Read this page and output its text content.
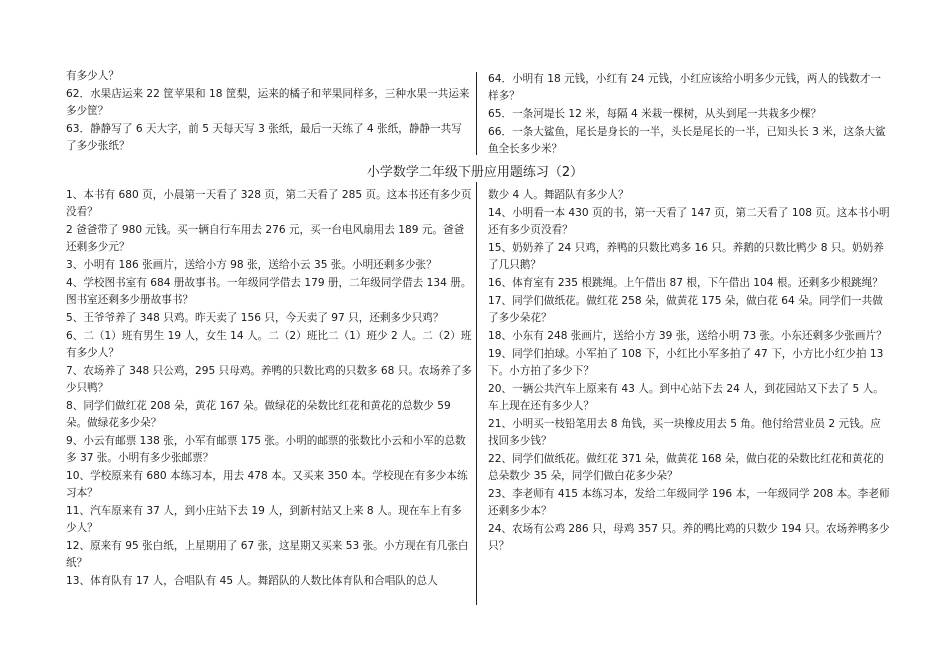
有多少人？

62．水果店运来 22 筐苹果和 18 筐梨，运来的橘子和苹果同样多，三种水果一共运来多少筐？

63．静静写了 6 天大字，前 5 天每天写 3 张纸，最后一天练了 4 张纸，静静一共写了多少张纸？

64．小明有 18 元钱，小红有 24 元钱，小红应该给小明多少元钱，两人的钱数才一样多？

65．一条河堤长 12 米，每隔 4 米栽一棵树，从头到尾一共栽多少棵？

66．一条大鲨鱼，尾长是身长的一半，头长是尾长的一半，已知头长 3 米，这条大鲨鱼全长多少米？

小学数学二年级下册应用题练习（2）

1、本书有 680 页，小晨第一天看了 328 页，第二天看了 285 页。这本书还有多少页没看？

2 爸爸带了 980 元钱。买一辆自行车用去 276 元，买一台电风扇用去 189 元。爸爸还剩多少元？

3、小明有 186 张画片，送给小方 98 张，送给小云 35 张。小明还剩多少张？

4、学校图书室有 684 册故事书。一年级同学借去 179 册，二年级同学借去 134 册。图书室还剩多少册故事书？

5、王爷爷养了 348 只鸡。昨天卖了 156 只，今天卖了 97 只，还剩多少只鸡？

6、二（1）班有男生 19 人，女生 14 人。二（2）班比二（1）班少 2 人。二（2）班有多少人？

7、农场养了 348 只公鸡，295 只母鸡。养鸭的只数比鸡的只数多 68 只。农场养了多少只鸭？

8、同学们做红花 208 朵，黄花 167 朵。做绿花的朵数比红花和黄花的总数少 59 朵。做绿花多少朵？

9、小云有邮票 138 张，小军有邮票 175 张。小明的邮票的张数比小云和小军的总数多 37 张。小明有多少张邮票？

10、学校原来有 680 本练习本，用去 478 本。又买来 350 本。学校现在有多少本练习本？

11、汽车原来有 37 人，到小庄站下去 19 人，到新村站又上来 8 人。现在车上有多少人？

12、原来有 95 张白纸，上星期用了 67 张，这星期又买来 53 张。小方现在有几张白纸？

13、体育队有 17 人，合唱队有 45 人。舞蹈队的人数比体育队和合唱队的总人

数少 4 人。舞蹈队有多少人？

14、小明看一本 430 页的书，第一天看了 147 页，第二天看了 108 页。这本书小明还有多少页没看？

15、奶奶养了 24 只鸡，养鸭的只数比鸡多 16 只。养鹅的只数比鸭少 8 只。奶奶养了几只鹅？

16、体育室有 235 根跳绳。上午借出 87 根，下午借出 104 根。还剩多少根跳绳？

17、同学们做纸花。做红花 258 朵，做黄花 175 朵，做白花 64 朵。同学们一共做了多少朵花？

18、小东有 248 张画片，送给小方 39 张，送给小明 73 张。小东还剩多少张画片？

19、同学们拍球。小军拍了 108 下，小红比小军多拍了 47 下，小方比小红少拍 13 下。小方拍了多少下？

20、一辆公共汽车上原来有 43 人。到中心站下去 24 人，到花园站又下去了 5 人。车上现在还有多少人？

21、小明买一枝铅笔用去 8 角钱，买一块橡皮用去 5 角。他付给营业员 2 元钱。应找回多少钱？

22、同学们做纸花。做红花 371 朵，做黄花 168 朵，做白花的朵数比红花和黄花的总朵数少 35 朵，同学们做白花多少朵？

23、李老师有 415 本练习本，发给二年级同学 196 本，一年级同学 208 本。李老师还剩多少本？

24、农场有公鸡 286 只，母鸡 357 只。养的鸭比鸡的只数少 194 只。农场养鸭多少只？
